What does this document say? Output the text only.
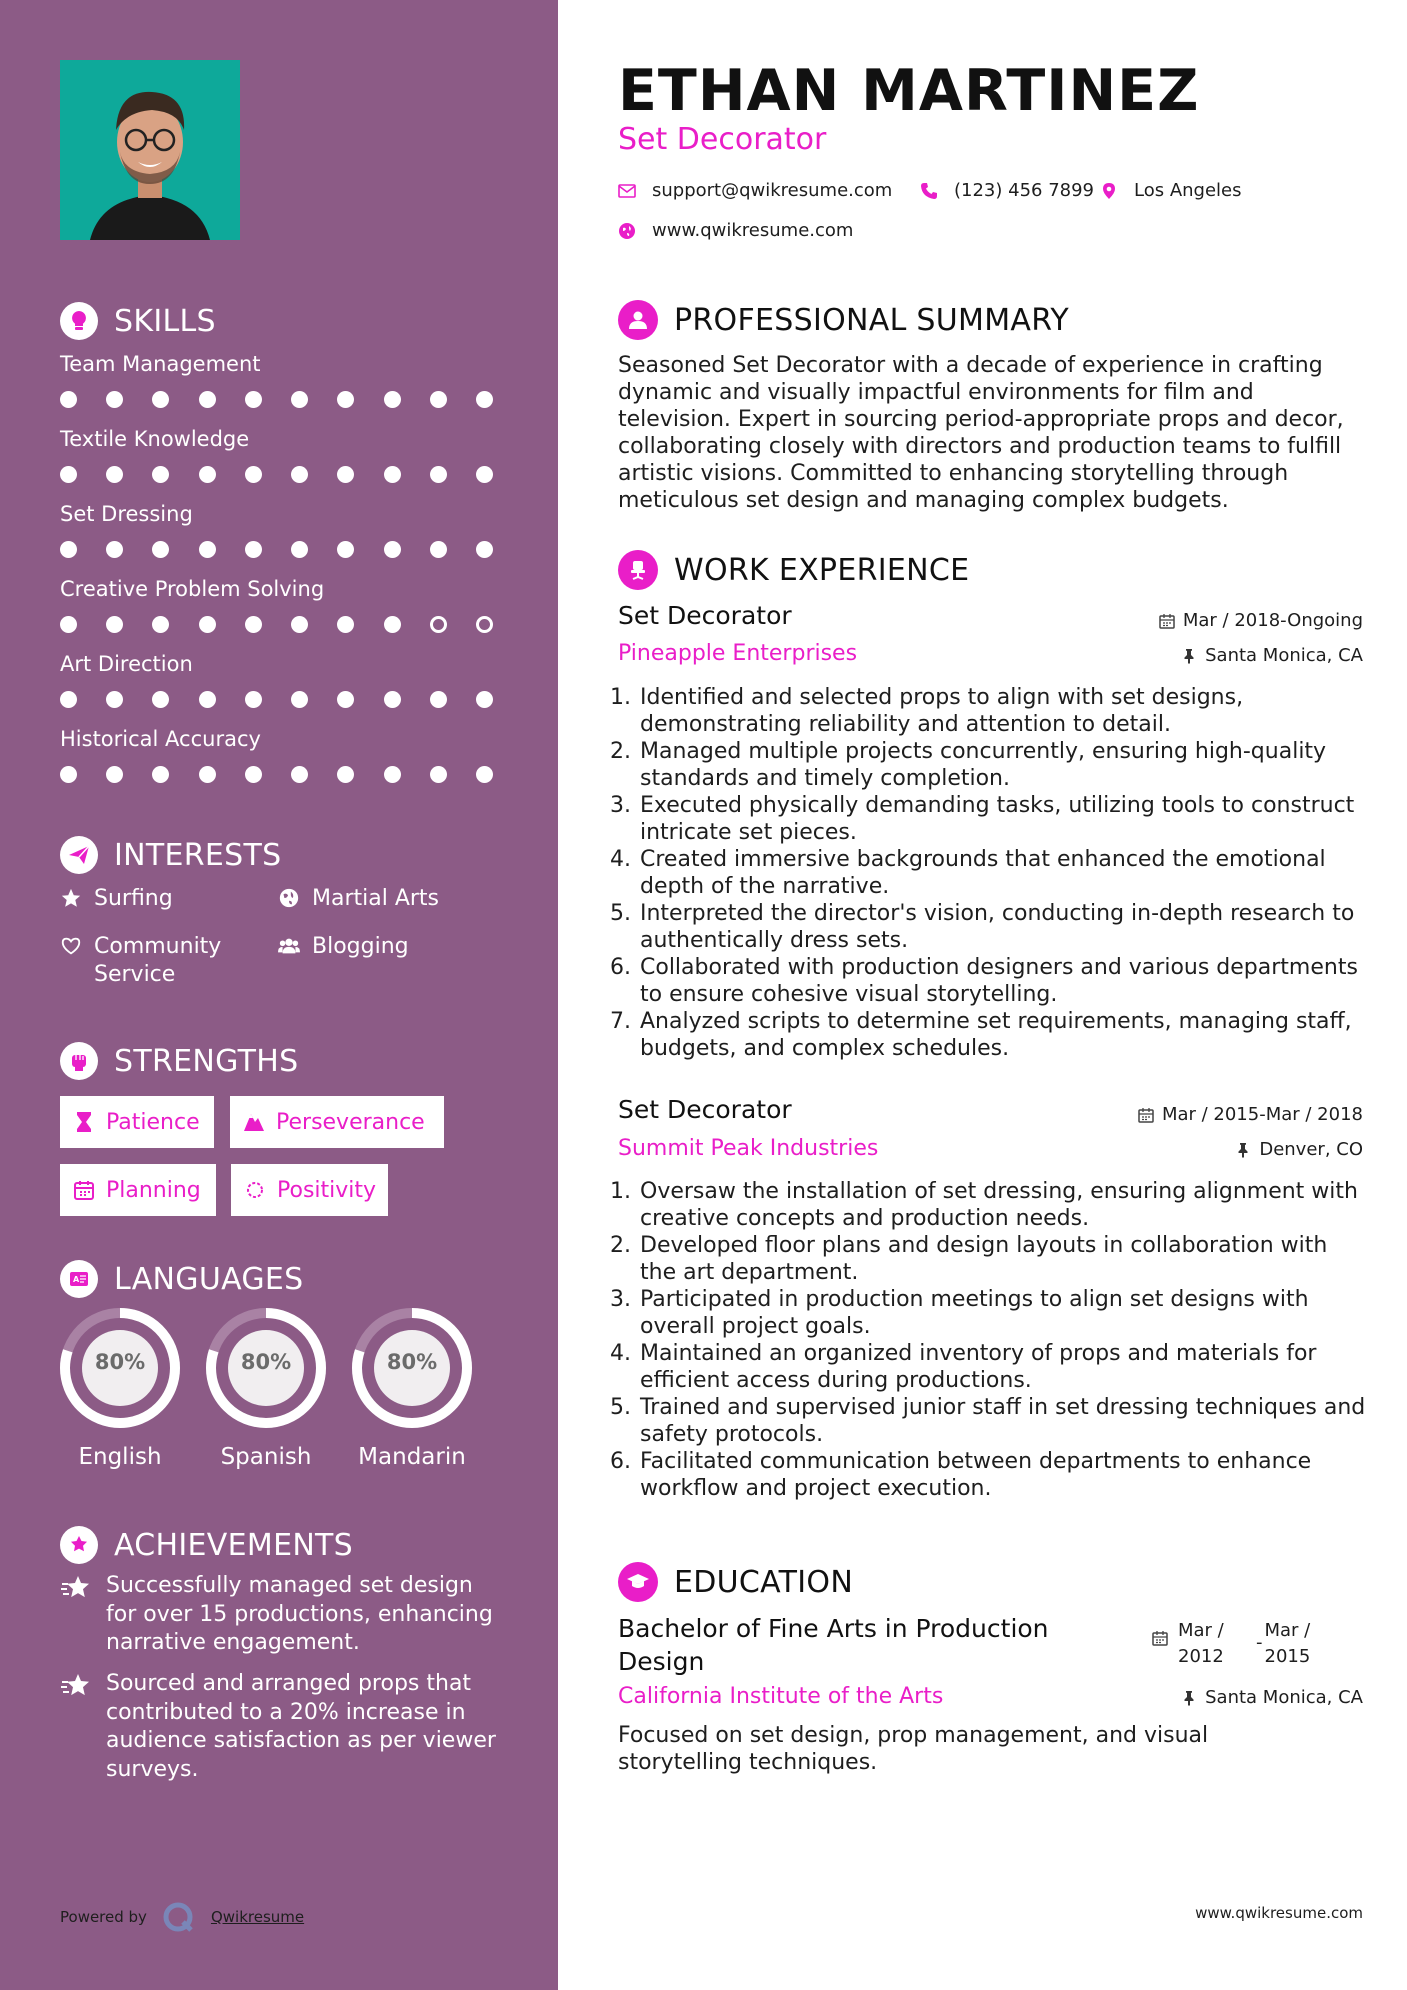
SKILLS
Team Management
Textile Knowledge
Set Dressing
Creative Problem Solving
Art Direction
Historical Accuracy
INTERESTS
Surfing	Martial Arts
Community Service
Blogging
STRENGTHS
Patience	Perseverance
Planning	Positivity
A LANGUAGES
80%
English
80%
Spanish
80%
Mandarin
ACHIEVEMENTS
Successfully managed set design for over 15 productions, enhancing narrative engagement.
Sourced and arranged props that contributed to a 20% increase in audience satisfaction as per viewer surveys.
Powered by	Qwikresume
ETHAN MARTINEZ
Set Decorator
support@qwikresume.com	(123) 456 7899 Los Angeles
www.qwikresume.com
PROFESSIONAL SUMMARY
Seasoned Set Decorator with a decade of experience in crafting dynamic and visually impactful environments for film and television. Expert in sourcing period-appropriate props and decor, collaborating closely with directors and production teams to fulfill artistic visions. Committed to enhancing storytelling through meticulous set design and managing complex budgets.
WORK EXPERIENCE
Set Decorator	Mar / 2018-Ongoing
Pineapple Enterprises	Santa Monica, CA
1. Identified and selected props to align with set designs, demonstrating reliability and attention to detail.
2. Managed multiple projects concurrently, ensuring high-quality standards and timely completion.
3. Executed physically demanding tasks, utilizing tools to construct intricate set pieces.
4. Created immersive backgrounds that enhanced the emotional depth of the narrative.
5. Interpreted the director's vision, conducting in-depth research to authentically dress sets.
6. Collaborated with production designers and various departments to ensure cohesive visual storytelling.
7. Analyzed scripts to determine set requirements, managing staff, budgets, and complex schedules.
Set Decorator	Mar / 2015-Mar / 2018
Summit Peak Industries	Denver, CO
1. Oversaw the installation of set dressing, ensuring alignment with creative concepts and production needs.
2. Developed floor plans and design layouts in collaboration with the art department.
3. Participated in production meetings to align set designs with overall project goals.
4. Maintained an organized inventory of props and materials for efficient access during productions.
5. Trained and supervised junior staff in set dressing techniques and safety protocols.
6. Facilitated communication between departments to enhance workflow and project execution.
EDUCATION
Bachelor of Fine Arts in Production
Design
Mar /
2012
-
Mar /
2015
California Institute of the Arts	Santa Monica, CA
Focused on set design, prop management, and visual storytelling techniques.
www.qwikresume.com
